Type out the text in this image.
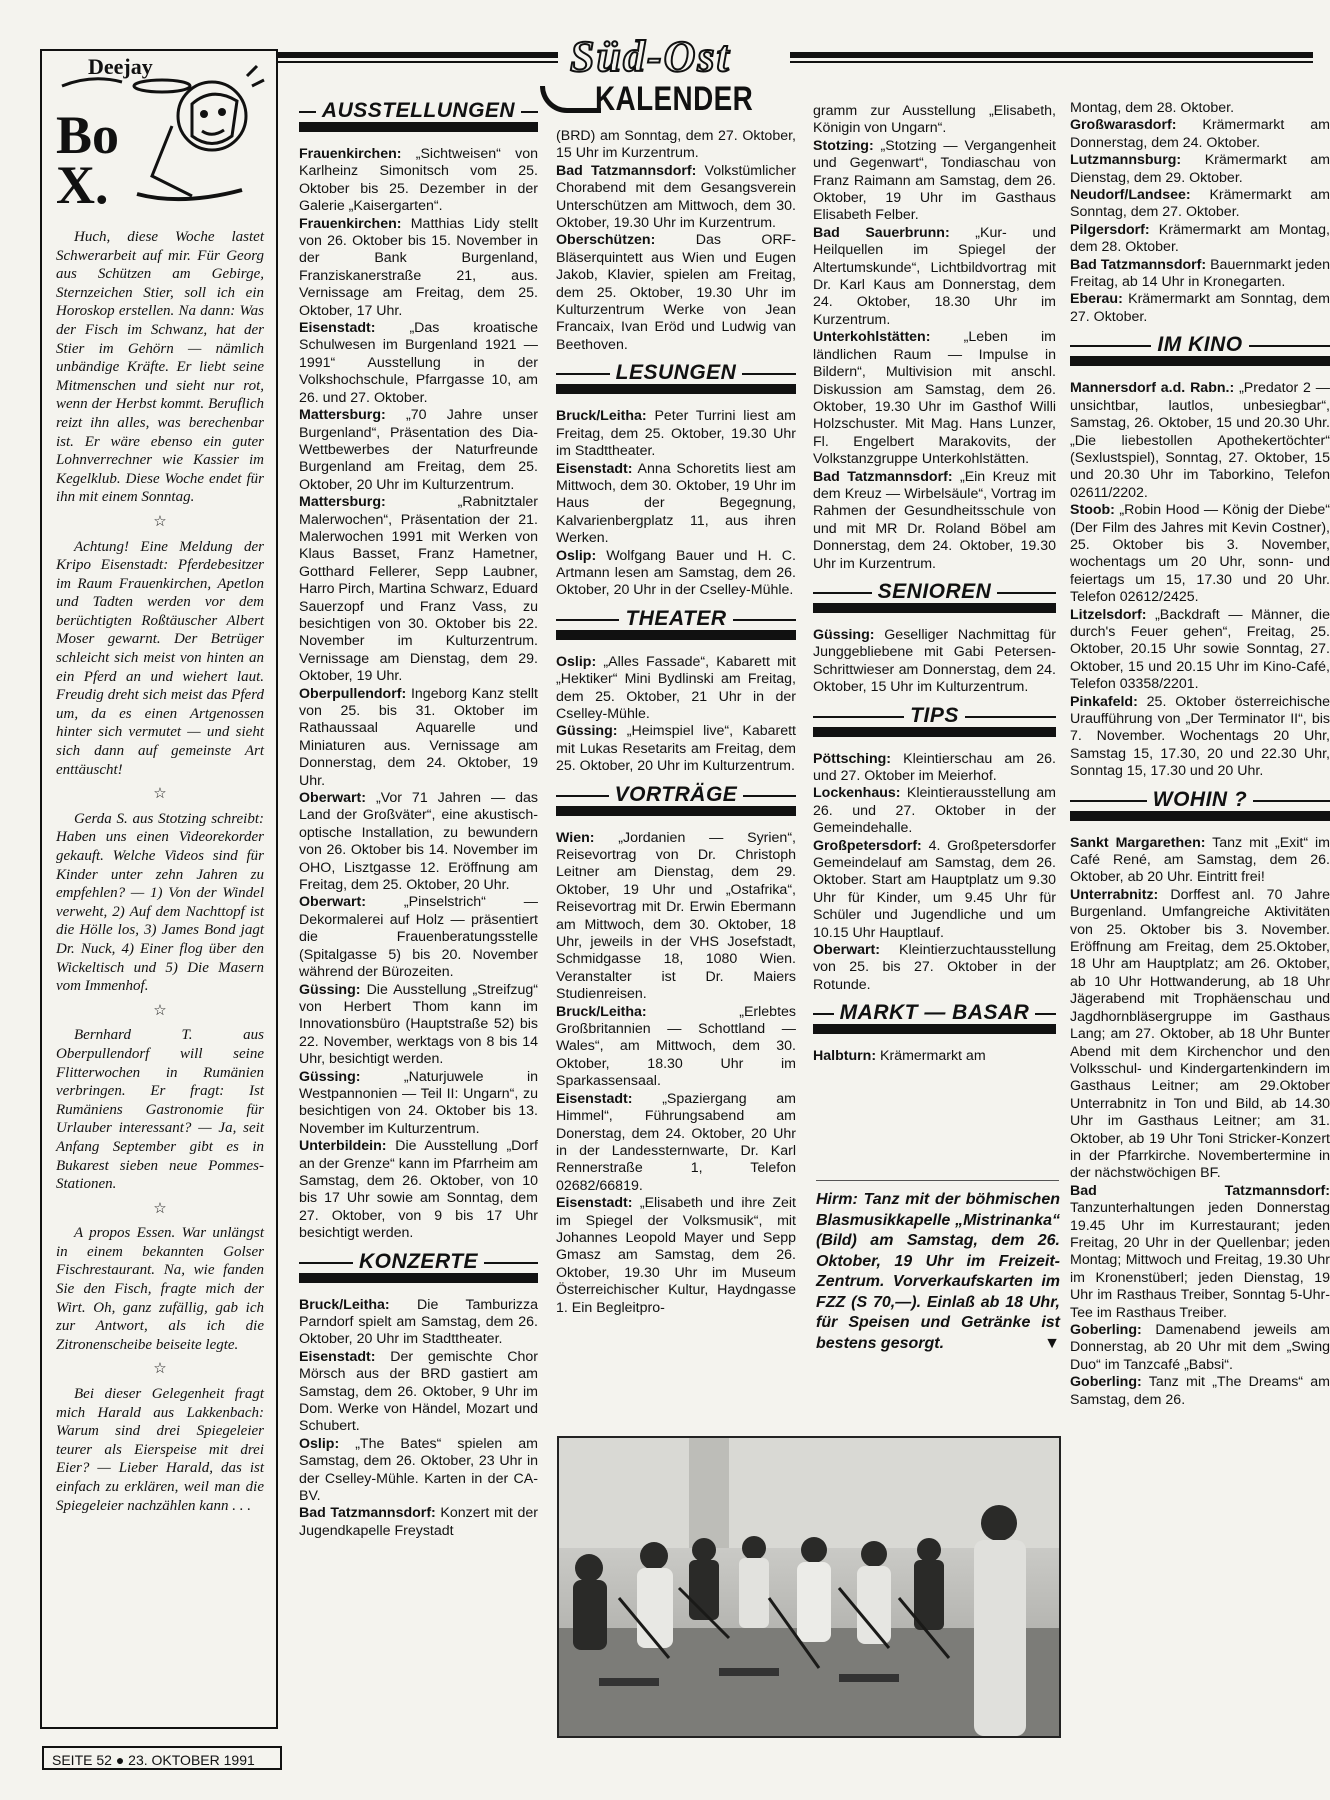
Süd-Ost
KALENDER
Deejay
BoX.

Huch, diese Woche lastet Schwerarbeit auf mir. Für Georg aus Schützen am Gebirge, Sternzeichen Stier, soll ich ein Horoskop erstellen. Na dann: Was der Fisch im Schwanz, hat der Stier im Gehörn — nämlich unbändige Kräfte. Er liebt seine Mitmenschen und sieht nur rot, wenn der Herbst kommt. Beruflich reizt ihn alles, was berechenbar ist. Er wäre ebenso ein guter Lohnverrechner wie Kassier im Kegelklub. Diese Woche endet für ihn mit einem Sonntag.

☆

Achtung! Eine Meldung der Kripo Eisenstadt: Pferdebesitzer im Raum Frauenkirchen, Apetlon und Tadten werden vor dem berüchtigten Roßtäuscher Albert Moser gewarnt. Der Betrüger schleicht sich meist von hinten an ein Pferd an und wiehert laut. Freudig dreht sich meist das Pferd um, da es einen Artgenossen hinter sich vermutet — und sieht sich dann auf gemeinste Art enttäuscht!

☆

Gerda S. aus Stotzing schreibt: Haben uns einen Videorekorder gekauft. Welche Videos sind für Kinder unter zehn Jahren zu empfehlen? — 1) Von der Windel verweht, 2) Auf dem Nachttopf ist die Hölle los, 3) James Bond jagt Dr. Nuck, 4) Einer flog über den Wickeltisch und 5) Die Masern vom Immenhof.

☆

Bernhard T. aus Oberpullendorf will seine Flitterwochen in Rumänien verbringen. Er fragt: Ist Rumäniens Gastronomie für Urlauber interessant? — Ja, seit Anfang September gibt es in Bukarest sieben neue Pommes-Stationen.

☆

A propos Essen. War unlängst in einem bekannten Golser Fischrestaurant. Na, wie fanden Sie den Fisch, fragte mich der Wirt. Oh, ganz zufällig, gab ich zur Antwort, als ich die Zitronenscheibe beiseite legte.

☆

Bei dieser Gelegenheit fragt mich Harald aus Lakkenbach: Warum sind drei Spiegeleier teurer als Eierspeise mit drei Eier? — Lieber Harald, das ist einfach zu erklären, weil man die Spiegeleier nachzählen kann . . .

SEITE 52 ● 23. OKTOBER 1991
AUSSTELLUNGEN

Frauenkirchen: „Sichtweisen“ von Karlheinz Simonitsch vom 25. Oktober bis 25. Dezember in der Galerie „Kaisergarten“.

Frauenkirchen: Matthias Lidy stellt von 26. Oktober bis 15. November in der Bank Burgenland, Franziskanerstraße 21, aus. Vernissage am Freitag, dem 25. Oktober, 17 Uhr.

Eisenstadt: „Das kroatische Schulwesen im Burgenland 1921 — 1991“ Ausstellung in der Volkshochschule, Pfarrgasse 10, am 26. und 27. Oktober.

Mattersburg: „70 Jahre unser Burgenland“, Präsentation des Dia-Wettbewerbes der Naturfreunde Burgenland am Freitag, dem 25. Oktober, 20 Uhr im Kulturzentrum.

Mattersburg:	„Rabnitztaler Malerwochen“, Präsentation der 21. Malerwochen 1991 mit Werken von Klaus Basset, Franz Hametner, Gotthard Fellerer, Sepp Laubner, Harro Pirch, Martina Schwarz, Eduard Sauerzopf und Franz Vass, zu besichtigen von 30. Oktober bis 22. November im Kulturzentrum. Vernissage am Dienstag, dem 29. Oktober, 19 Uhr.

Oberpullendorf: Ingeborg Kanz stellt von 25. bis 31. Oktober im Rathaussaal Aquarelle und Miniaturen aus. Vernissage am Donnerstag, dem 24. Oktober, 19 Uhr.

Oberwart: „Vor 71 Jahren — das Land der Großväter“, eine akustisch-optische Installation, zu bewundern von 26. Oktober bis 14. November im OHO, Lisztgasse 12. Eröffnung am Freitag, dem 25. Oktober, 20 Uhr.

Oberwart:	„Pinselstrich“ — Dekormalerei auf Holz — präsentiert die Frauenberatungsstelle (Spitalgasse 5) bis 20. November während der Bürozeiten.

Güssing: Die Ausstellung „Streifzug“ von Herbert Thom kann im Innovationsbüro (Hauptstraße 52) bis 22. November, werktags von 8 bis 14 Uhr, besichtigt werden.

Güssing:	„Naturjuwele in Westpannonien — Teil II: Ungarn“, zu besichtigen von 24. Oktober bis 13. November im Kulturzentrum.

Unterbildein: Die Ausstellung „Dorf an der Grenze“ kann im Pfarrheim am Samstag, dem 26. Oktober, von 10 bis 17 Uhr sowie am Sonntag, dem 27. Oktober, von 9 bis 17 Uhr besichtigt werden.

KONZERTE

Bruck/Leitha: Die Tamburizza Parndorf spielt am Samstag, dem 26. Oktober, 20 Uhr im Stadttheater.

Eisenstadt: Der gemischte Chor Mörsch aus der BRD gastiert am Samstag, dem 26. Oktober, 9 Uhr im Dom. Werke von Händel, Mozart und Schubert.

Oslip: „The Bates“ spielen am Samstag, dem 26. Oktober, 23 Uhr in der Cselley-Mühle. Karten in der CA-BV.

Bad Tatzmannsdorf: Konzert mit der Jugendkapelle Freystadt

(BRD) am Sonntag, dem 27. Oktober, 15 Uhr im Kurzentrum.

Bad Tatzmannsdorf: Volkstümlicher Chorabend mit dem Gesangsverein Unterschützen am Mittwoch, dem 30. Oktober, 19.30 Uhr im Kurzentrum.

Oberschützen:	Das ORF-Bläserquintett aus Wien und Eugen Jakob, Klavier, spielen am Freitag, dem 25. Oktober, 19.30 Uhr im Kulturzentrum Werke von Jean Francaix, Ivan Eröd und Ludwig van Beethoven.

LESUNGEN

Bruck/Leitha: Peter Turrini liest am Freitag, dem 25. Oktober, 19.30 Uhr im Stadttheater.

Eisenstadt: Anna Schoretits liest am Mittwoch, dem 30. Oktober, 19 Uhr im Haus der Begegnung, Kalvarienbergplatz 11, aus ihren Werken.

Oslip: Wolfgang Bauer und H. C. Artmann lesen am Samstag, dem 26. Oktober, 20 Uhr in der Cselley-Mühle.

THEATER

Oslip: „Alles Fassade“, Kabarett mit „Hektiker“ Mini Bydlinski am Freitag, dem 25. Oktober, 21 Uhr in der Cselley-Mühle.

Güssing: „Heimspiel live“, Kabarett mit Lukas Resetarits am Freitag, dem 25. Oktober, 20 Uhr im Kulturzentrum.

VORTRÄGE

Wien: „Jordanien — Syrien“, Reisevortrag von Dr. Christoph Leitner am Dienstag, dem 29. Oktober, 19 Uhr und „Ostafrika“, Reisevortrag mit Dr. Erwin Ebermann am Mittwoch, dem 30. Oktober, 18 Uhr, jeweils in der VHS Josefstadt, Schmidgasse 18, 1080 Wien. Veranstalter ist Dr. Maiers Studienreisen.

Bruck/Leitha:	„Erlebtes Großbritannien — Schottland — Wales“, am Mittwoch, dem 30. Oktober, 18.30 Uhr im Sparkassensaal.

Eisenstadt: „Spaziergang am Himmel“, Führungsabend am Donerstag, dem 24. Oktober, 20 Uhr in der Landessternwarte, Dr. Karl Rennerstraße 1, Telefon 02682/66819.

Eisenstadt: „Elisabeth und ihre Zeit im Spiegel der Volksmusik“, mit Johannes Leopold Mayer und Sepp Gmasz am Samstag, dem 26. Oktober, 19.30 Uhr im Museum Österreichischer Kultur, Haydngasse 1. Ein Begleitpro-

gramm zur Ausstellung „Elisabeth, Königin von Ungarn“.

Stotzing: „Stotzing — Vergangenheit und Gegenwart“, Tondiaschau von Franz Raimann am Samstag, dem 26. Oktober, 19 Uhr im Gasthaus Elisabeth Felber.

Bad Sauerbrunn: „Kur- und Heilquellen im Spiegel der Altertumskunde“, Lichtbildvortrag mit Dr. Karl Kaus am Donnerstag, dem 24. Oktober, 18.30 Uhr im Kurzentrum.

Unterkohlstätten: „Leben im ländlichen Raum — Impulse in Bildern“, Multivision mit anschl. Diskussion am Samstag, dem 26. Oktober, 19.30 Uhr im Gasthof Willi Holzschuster. Mit Mag. Hans Lunzer, Fl. Engelbert Marakovits, der Volkstanzgruppe Unterkohlstätten.

Bad Tatzmannsdorf: „Ein Kreuz mit dem Kreuz — Wirbelsäule“, Vortrag im Rahmen der Gesundheitsschule von und mit MR Dr. Roland Böbel am Donnerstag, dem 24. Oktober, 19.30 Uhr im Kurzentrum.

SENIOREN

Güssing: Geselliger Nachmittag für Junggebliebene mit Gabi Petersen-Schrittwieser am Donnerstag, dem 24. Oktober, 15 Uhr im Kulturzentrum.

TIPS

Pöttsching: Kleintierschau am 26. und 27. Oktober im Meierhof.

Lockenhaus: Kleintierausstellung am 26. und 27. Oktober in der Gemeindehalle.

Großpetersdorf: 4. Großpetersdorfer Gemeindelauf am Samstag, dem 26. Oktober. Start am Hauptplatz um 9.30 Uhr für Kinder, um 9.45 Uhr für Schüler und Jugendliche und um 10.15 Uhr Hauptlauf.

Oberwart: Kleintierzuchtausstellung von 25. bis 27. Oktober in der Rotunde.

MARKT — BASAR

Halbturn: Krämermarkt am

Hirm: Tanz mit der böhmischen Blasmusikkapelle „Mistrinanka“ (Bild) am Samstag, dem 26. Oktober, 19 Uhr im Freizeit-Zentrum. Vorverkaufskarten im FZZ (S 70,—). Einlaß ab 18 Uhr, für Speisen und Getränke ist bestens gesorgt.	▼

Montag, dem 28. Oktober.

Großwarasdorf: Krämermarkt am Donnerstag, dem 24. Oktober.

Lutzmannsburg: Krämermarkt am Dienstag, dem 29. Oktober.

Neudorf/Landsee: Krämermarkt am Sonntag, dem 27. Oktober.

Pilgersdorf: Krämermarkt am Montag, dem 28. Oktober.

Bad Tatzmannsdorf: Bauernmarkt jeden Freitag, ab 14 Uhr in Kronegarten.

Eberau: Krämermarkt am Sonntag, dem 27. Oktober.

IM KINO

Mannersdorf a.d. Rabn.: „Predator 2 — unsichtbar, lautlos, unbesiegbar“, Samstag, 26. Oktober, 15 und 20.30 Uhr. „Die liebestollen Apothekertöchter“ (Sexlustspiel), Sonntag, 27. Oktober, 15 und 20.30 Uhr im Taborkino, Telefon 02611/2202.

Stoob: „Robin Hood — König der Diebe“ (Der Film des Jahres mit Kevin Costner), 25. Oktober bis 3. November, wochentags um 20 Uhr, sonn- und feiertags um 15, 17.30 und 20 Uhr. Telefon 02612/2425.

Litzelsdorf: „Backdraft — Männer, die durch's Feuer gehen“, Freitag, 25. Oktober, 20.15 Uhr sowie Sonntag, 27. Oktober, 15 und 20.15 Uhr im Kino-Café, Telefon 03358/2201.

Pinkafeld: 25. Oktober österreichische Uraufführung von „Der Terminator II“, bis 7. November. Wochentags 20 Uhr, Samstag 15, 17.30, 20 und 22.30 Uhr, Sonntag 15, 17.30 und 20 Uhr.

WOHIN ?

Sankt Margarethen: Tanz mit „Exit“ im Café René, am Samstag, dem 26. Oktober, ab 20 Uhr. Eintritt frei!

Unterrabnitz: Dorffest anl. 70 Jahre Burgenland. Umfangreiche Aktivitäten von 25. Oktober bis 3. November. Eröffnung am Freitag, dem 25.Oktober, 18 Uhr am Hauptplatz; am 26. Oktober, ab 10 Uhr Hottwanderung, ab 18 Uhr Jägerabend mit Trophäenschau und Jagdhornbläsergruppe im Gasthaus Lang; am 27. Oktober, ab 18 Uhr Bunter Abend mit dem Kirchenchor und den Volksschul- und Kindergartenkindern im Gasthaus Leitner; am 29.Oktober Unterrabnitz in Ton und Bild, ab 14.30 Uhr im Gasthaus Leitner; am 31. Oktober, ab 19 Uhr Toni Stricker-Konzert in der Pfarrkirche. Novembertermine in der nächstwöchigen BF.

Bad Tatzmannsdorf: Tanzunterhaltungen jeden Donnerstag 19.45 Uhr im Kurrestaurant; jeden Freitag, 20 Uhr in der Quellenbar; jeden Montag; Mittwoch und Freitag, 19.30 Uhr im Kronenstüberl; jeden Dienstag, 19 Uhr im Rasthaus Treiber, Sonntag 5-Uhr-Tee im Rasthaus Treiber.

Goberling: Damenabend jeweils am Donnerstag, ab 20 Uhr mit dem „Swing Duo“ im Tanzcafé „Babsi“.

Goberling: Tanz mit „The Dreams“ am Samstag, dem 26.
